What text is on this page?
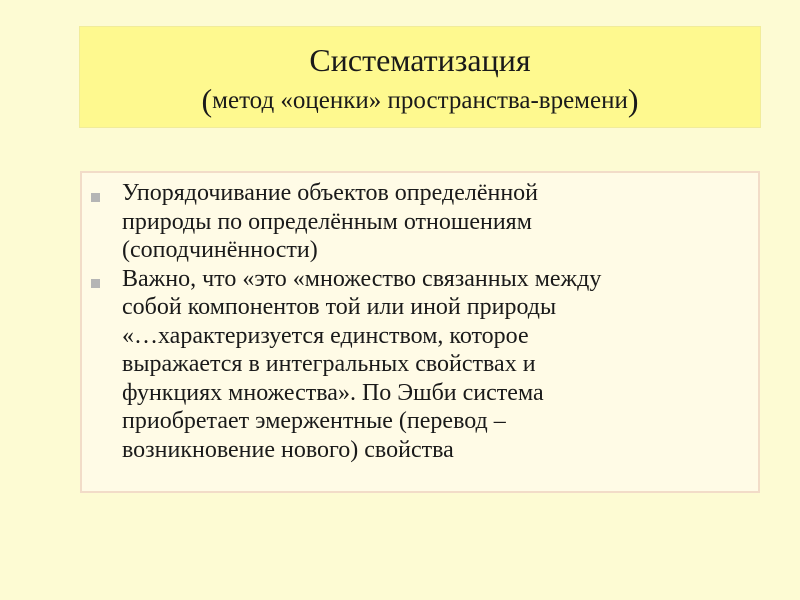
Систематизация
(метод «оценки» пространства-времени)
Упорядочивание объектов определённой
природы по определённым отношениям
(соподчинённости)
Важно, что «это «множество связанных между
собой компонентов той или иной природы
«…характеризуется единством, которое
выражается в интегральных свойствах и
функциях множества». По Эшби система
приобретает эмержентные (перевод –
возникновение нового) свойства
